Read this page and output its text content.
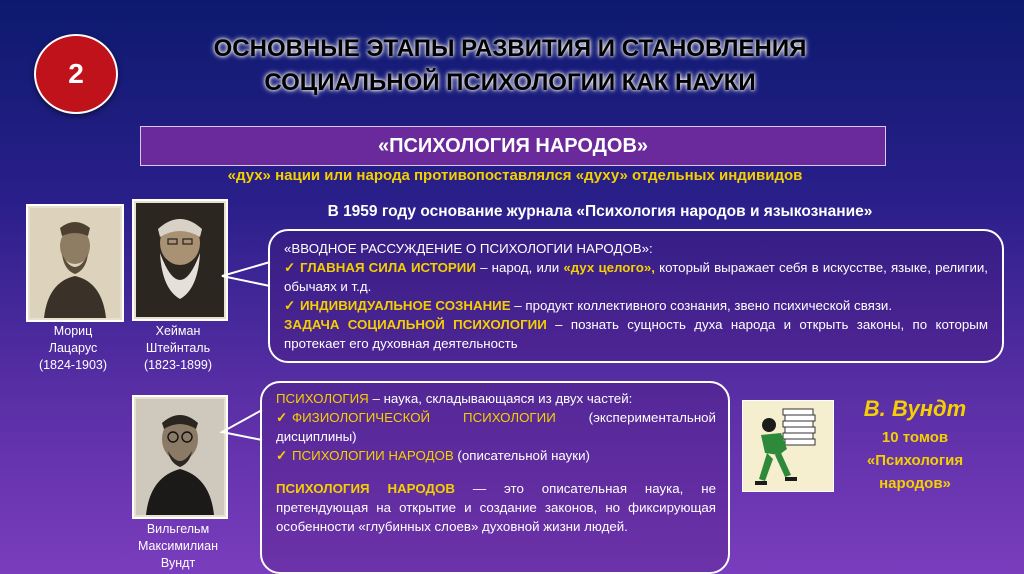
2
ОСНОВНЫЕ ЭТАПЫ РАЗВИТИЯ И СТАНОВЛЕНИЯ
СОЦИАЛЬНОЙ ПСИХОЛОГИИ КАК НАУКИ
«ПСИХОЛОГИЯ НАРОДОВ»
«дух» нации или народа противопоставлялся «духу» отдельных индивидов
В 1959 году основание журнала «Психология народов и языкознание»
Мориц
Лацарус
(1824-1903)
Хейман
Штейнталь
(1823-1899)
Вильгельм
Максимилиан
Вундт

«ВВОДНОЕ РАССУЖДЕНИЕ О ПСИХОЛОГИИ НАРОДОВ»:

✓ ГЛАВНАЯ СИЛА ИСТОРИИ – народ, или «дух целого», который выражает себя в искусстве, языке, религии, обычаях и т.д.

✓ ИНДИВИДУАЛЬНОЕ СОЗНАНИЕ – продукт коллективного сознания, звено психической связи.

ЗАДАЧА СОЦИАЛЬНОЙ ПСИХОЛОГИИ – познать сущность духа народа и открыть законы, по которым протекает его духовная деятельность

ПСИХОЛОГИЯ – наука, складывающаяся из двух частей:

✓ ФИЗИОЛОГИЧЕСКОЙ ПСИХОЛОГИИ (экспериментальной дисциплины)

✓ ПСИХОЛОГИИ НАРОДОВ (описательной науки)

ПСИХОЛОГИЯ НАРОДОВ — это описательная наука, не претендующая на открытие и создание законов, но фиксирующая особенности «глубинных слоев» духовной жизни людей.

В. Вундт
10 томов
«Психология
народов»
